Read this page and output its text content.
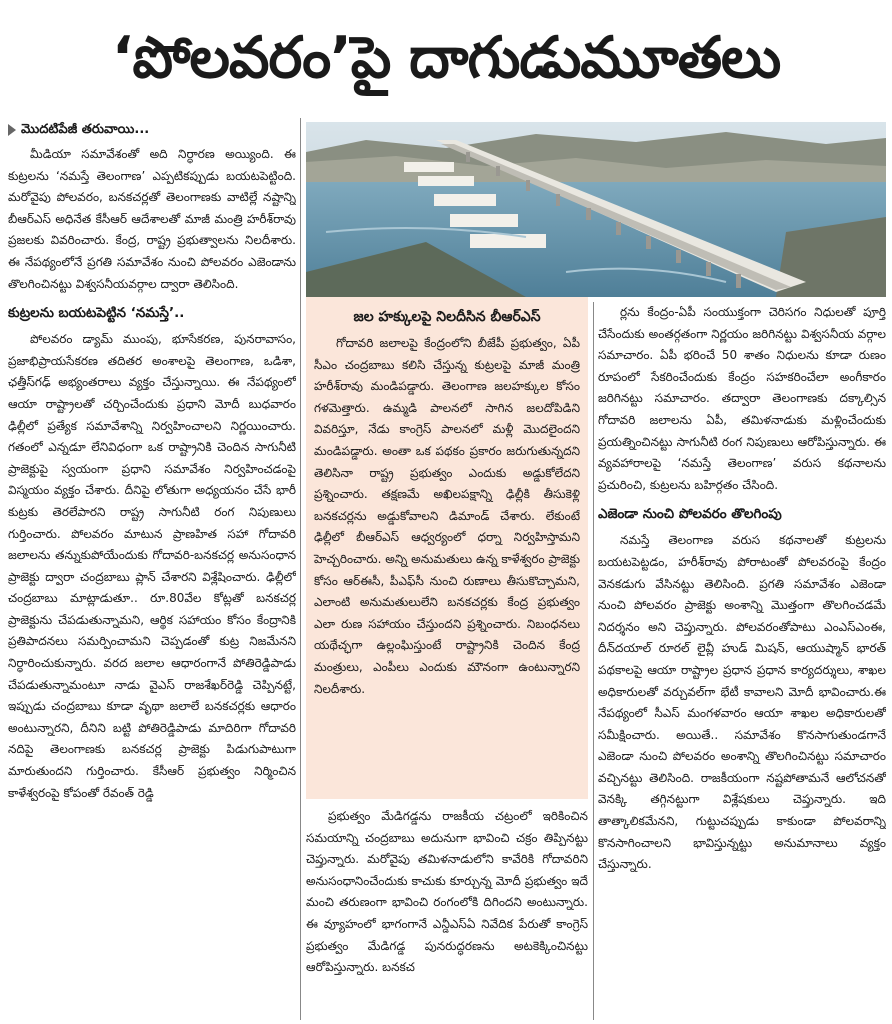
‘పోలవరం’పై దాగుడుమూతలు
మొదటిపేజీ తరువాయి...

మీడియా సమావేశంతో అది నిర్ధారణ అయ్యింది. ఈ కుట్రలను ‘నమస్తే తెలంగాణ’ ఎప్పటికప్పుడు బయటపెట్టింది. మరోవైపు పోలవరం, బనకచర్లతో తెలంగాణకు వాటిల్లే నష్టాన్ని బీఆర్‌ఎస్ అధినేత కేసీఆర్ ఆదేశాలతో మాజీ మంత్రి హరీశ్‌రావు ప్రజలకు వివరించారు. కేంద్ర, రాష్ట్ర ప్రభుత్వాలను నిలదీశారు. ఈ నేపథ్యంలోనే ప్రగతి సమావేశం నుంచి పోలవరం ఎజెండాను తొలగించినట్టు విశ్వసనీయవర్గాల ద్వారా తెలిసింది.

కుట్రలను బయటపెట్టిన ‘నమస్తే’..

పోలవరం డ్యామ్ ముంపు, భూసేకరణ, పునరావాసం, ప్రజాభిప్రాయసేకరణ తదితర అంశాలపై తెలంగాణ, ఒడిశా, ఛత్తీస్‌గఢ్ అభ్యంతరాలు వ్యక్తం చేస్తున్నాయి. ఈ నేపథ్యంలో ఆయా రాష్ట్రాలతో చర్చించేందుకు ప్రధాని మోదీ బుధవారం ఢిల్లీలో ప్రత్యేక సమావేశాన్ని నిర్వహించాలని నిర్ణయించారు. గతంలో ఎన్నడూ లేనివిధంగా ఒక రాష్ట్రానికి చెందిన సాగునీటి ప్రాజెక్టుపై స్వయంగా ప్రధాని సమావేశం నిర్వహించడంపై విస్మయం వ్యక్తం చేశారు. దీనిపై లోతుగా అధ్యయనం చేసే భారీ కుట్రకు తెరలేపారని రాష్ట్ర సాగునీటి రంగ నిపుణులు గుర్తించారు. పోలవరం మాటున ప్రాణహిత సహా గోదావరి జలాలను తన్నుకుపోయేందుకు గోదావరి-బనకచర్ల అనుసంధాన ప్రాజెక్టు ద్వారా చంద్రబాబు ప్లాన్ చేశారని విశ్లేషించారు. ఢిల్లీలో చంద్రబాబు మాట్లాడుతూ.. రూ.80వేల కోట్లతో బనకచర్ల ప్రాజెక్టును చేపడుతున్నామని, ఆర్థిక సహాయం కోసం కేంద్రానికి ప్రతిపాదనలు సమర్పించామని చెప్పడంతో కుట్ర నిజమేనని నిర్ధారించుకున్నారు. వరద జలాల ఆధారంగానే పోతిరెడ్డిపాడు చేపడుతున్నామంటూ నాడు వైఎస్ రాజశేఖర్‌రెడ్డి చెప్పినట్టే, ఇప్పుడు చంద్రబాబు కూడా వృథా జలాలే బనకచర్లకు ఆధారం అంటున్నారని, దీనిని బట్టి పోతిరెడ్డిపాడు మాదిరిగా గోదావరి నదిపై తెలంగాణకు బనకచర్ల ప్రాజెక్టు పిడుగుపాటుగా మారుతుందని గుర్తించారు. కేసీఆర్ ప్రభుత్వం నిర్మించిన కాళేశ్వరంపై కోపంతో రేవంత్ రెడ్డి

జల హక్కులపై నిలదీసిన బీఆర్‌ఎస్

గోదావరి జలాలపై కేంద్రంలోని బీజేపీ ప్రభుత్వం, ఏపీ సీఎం చంద్రబాబు కలిసి చేస్తున్న కుట్రలపై మాజీ మంత్రి హరీశ్‌రావు మండిపడ్డారు. తెలంగాణ జలహక్కుల కోసం గళమెత్తారు. ఉమ్మడి పాలనలో సాగిన జలదోపిడిని వివరిస్తూ, నేడు కాంగ్రెస్ పాలనలో మళ్లీ మొదలైందని మండిపడ్డారు. అంతా ఒక పథకం ప్రకారం జరుగుతున్నదని తెలిసినా రాష్ట్ర ప్రభుత్వం ఎందుకు అడ్డుకోలేదని ప్రశ్నించారు. తక్షణమే అఖిలపక్షాన్ని ఢిల్లీకి తీసుకెళ్లి బనకచర్లను అడ్డుకోవాలని డిమాండ్ చేశారు. లేకుంటే ఢిల్లీలో బీఆర్‌ఎస్ ఆధ్వర్యంలో ధర్నా నిర్వహిస్తామని హెచ్చరించారు. అన్ని అనుమతులు ఉన్న కాళేశ్వరం ప్రాజెక్టు కోసం ఆర్‌ఈసీ, పీఎఫ్‌సీ నుంచి రుణాలు తీసుకొచ్చామని, ఎలాంటి అనుమతులులేని బనకచర్లకు కేంద్ర ప్రభుత్వం ఎలా రుణ సహాయం చేస్తుందని ప్రశ్నించారు. నిబంధనలు యథేచ్ఛగా ఉల్లంఘిస్తుంటే రాష్ట్రానికి చెందిన కేంద్ర మంత్రులు, ఎంపీలు ఎందుకు మౌనంగా ఉంటున్నారని నిలదీశారు.

ప్రభుత్వం మేడిగడ్డను రాజకీయ చట్రంలో ఇరికించిన సమయాన్ని చంద్రబాబు అదునుగా భావించి చక్రం తిప్పినట్టు చెప్తున్నారు. మరోవైపు తమిళనాడులోని కావేరికి గోదావరిని అనుసంధానించేందుకు కాచుకు కూర్చున్న మోదీ ప్రభుత్వం ఇదే మంచి తరుణంగా భావించి రంగంలోకి దిగిందని అంటున్నారు. ఈ వ్యూహంలో భాగంగానే ఎన్డీఎస్ఏ నివేదిక పేరుతో కాంగ్రెస్ ప్రభుత్వం మేడిగడ్డ పునరుద్ధరణను అటకెక్కించినట్టు ఆరోపిస్తున్నారు. బనకచ

ర్లను కేంద్రం-ఏపీ సంయుక్తంగా చెరిసగం నిధులతో పూర్తి చేసేందుకు అంతర్గతంగా నిర్ణయం జరిగినట్టు విశ్వసనీయ వర్గాల సమాచారం. ఏపీ భరించే 50 శాతం నిధులను కూడా రుణం రూపంలో సేకరించేందుకు కేంద్రం సహకరించేలా అంగీకారం జరిగినట్టు సమాచారం. తద్వారా తెలంగాణకు దక్కాల్సిన గోదావరి జలాలను ఏపీ, తమిళనాడుకు మళ్లించేందుకు ప్రయత్నించినట్టు సాగునీటి రంగ నిపుణులు ఆరోపిస్తున్నారు. ఈ వ్యవహారాలపై ‘నమస్తే తెలంగాణ’ వరుస కథనాలను ప్రచురించి, కుట్రలను బహిర్గతం చేసింది.

ఎజెండా నుంచి పోలవరం తొలగింపు

నమస్తే తెలంగాణ వరుస కథనాలతో కుట్రలను బయటపెట్టడం, హరీశ్‌రావు పోరాటంతో పోలవరంపై కేంద్రం వెనకడుగు వేసినట్టు తెలిసింది. ప్రగతి సమావేశం ఎజెండా నుంచి పోలవరం ప్రాజెక్టు అంశాన్ని మొత్తంగా తొలగించడమే నిదర్శనం అని చెప్తున్నారు. పోలవరంతోపాటు ఎంఎస్‌ఎంఈ, దీన్‌దయాల్ రూరల్ లైవ్లీ హుడ్ మిషన్, ఆయుష్మాన్ భారత్ పథకాలపై ఆయా రాష్ట్రాల ప్రధాన ప్రధాన కార్యదర్శులు, శాఖల అధికారులతో వర్చువల్‌గా భేటీ కావాలని మోదీ భావించారు.ఈ నేపథ్యంలో సీఎస్ మంగళవారం ఆయా శాఖల అధికారులతో సమీక్షించారు. అయితే.. సమావేశం కొనసాగుతుండగానే ఎజెండా నుంచి పోలవరం అంశాన్ని తొలగించినట్టు సమాచారం వచ్చినట్టు తెలిసింది. రాజకీయంగా నష్టపోతామనే ఆలోచనతో వెనక్కి తగ్గినట్టుగా విశ్లేషకులు చెప్తున్నారు. ఇది తాత్కాలికమేనని, గుట్టుచప్పుడు కాకుండా పోలవరాన్ని కొనసాగించాలని భావిస్తున్నట్టు అనుమానాలు వ్యక్తం చేస్తున్నారు.
